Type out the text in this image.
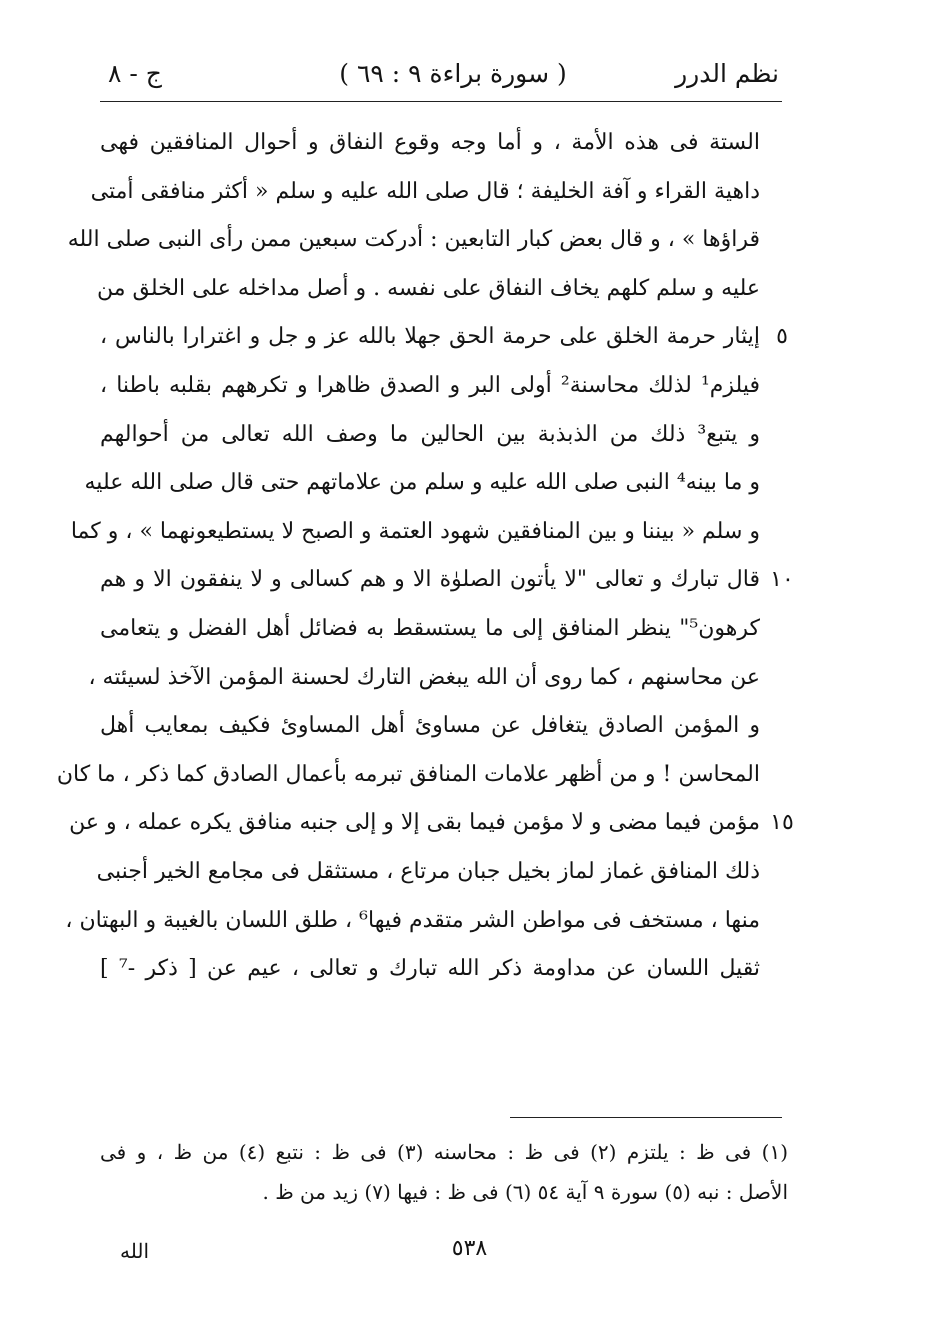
نظم الدرر
( سورة براءة ٩ : ٦٩ )
ج - ٨
الستة فى هذه الأمة ، و أما وجه وقوع النفاق و أحوال المنافقين فهى
داهية القراء و آفة الخليفة ؛ قال صلى الله عليه و سلم « أكثر منافقى أمتى
قراؤها » ، و قال بعض كبار التابعين : أدركت سبعين ممن رأى النبى صلى الله
عليه و سلم كلهم يخاف النفاق على نفسه . و أصل مداخله على الخلق من
إيثار حرمة الخلق على حرمة الحق جهلا بالله عز و جل و اغترارا بالناس ،
فيلزم¹ لذلك محاسنة² أولى البر و الصدق ظاهرا و تكرههم بقلبه باطنا ،
و يتبع³ ذلك من الذبذبة بين الحالين ما وصف الله تعالى من أحوالهم
و ما بينه⁴ النبى صلى الله عليه و سلم من علاماتهم حتى قال صلى الله عليه
و سلم « بيننا و بين المنافقين شهود العتمة و الصبح لا يستطيعونهما » ، و كما
قال تبارك و تعالى "لا يأتون الصلوٰة الا و هم كسالى و لا ينفقون الا و هم
كرهون⁵" ينظر المنافق إلى ما يستسقط به فضائل أهل الفضل و يتعامى
عن محاسنهم ، كما روى أن الله يبغض التارك لحسنة المؤمن الآخذ لسيئته ،
و المؤمن الصادق يتغافل عن مساوئ أهل المساوئ فكيف بمعايب أهل
المحاسن ! و من أظهر علامات المنافق تبرمه بأعمال الصادق كما ذكر ، ما كان
مؤمن فيما مضى و لا مؤمن فيما بقى إلا و إلى جنبه منافق يكره عمله ، و عن
ذلك المنافق غماز لماز بخيل جبان مرتاع ، مستثقل فى مجامع الخير أجنبى
منها ، مستخف فى مواطن الشر متقدم فيها⁶ ، طلق اللسان بالغيبة و البهتان ،
ثقيل اللسان عن مداومة ذكر الله تبارك و تعالى ، عيم عن [ ذكر -⁷ ]
٥
١٠
١٥
(١) فى ظ : يلتزم (٢) فى ظ : محاسنه (٣) فى ظ : نتبع (٤) من ظ ، و فى
الأصل : نبه (٥) سورة ٩ آية ٥٤ (٦) فى ظ : فيها (٧) زيد من ظ .
٥٣٨
الله
